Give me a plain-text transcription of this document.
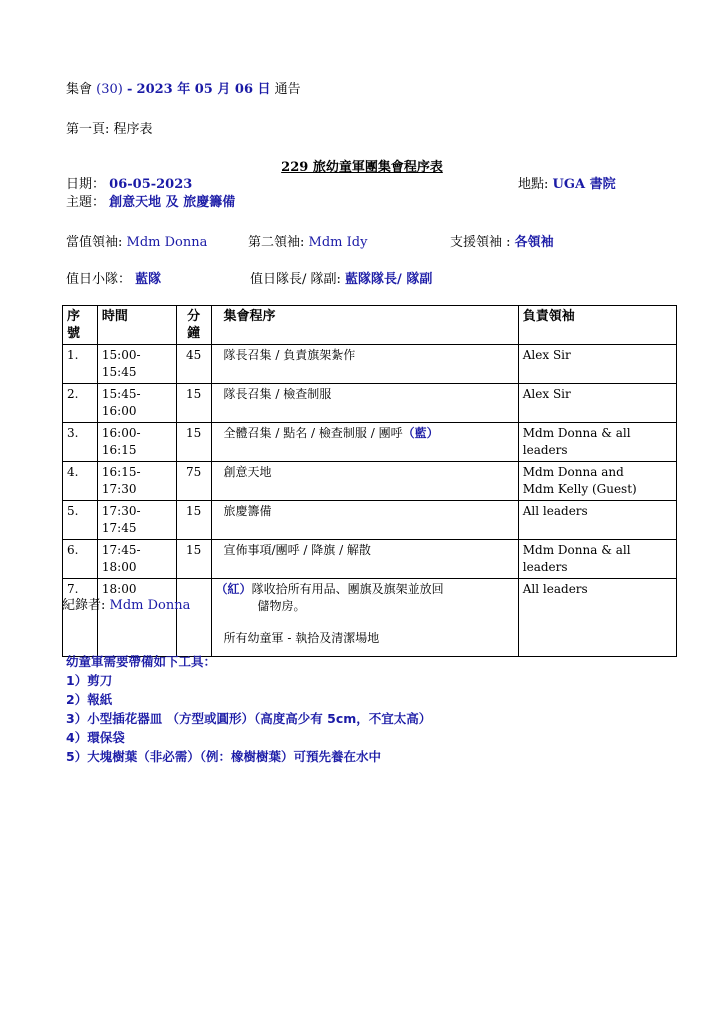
集會 (30) - 2023 年 05 月 06 日 通告
第一頁: 程序表
229 旅幼童軍團集會程序表
日期： 06-05-2023	地點: UGA 書院
主題： 創意天地 及 旅慶籌備
當值領袖: Mdm Donna	第二領袖: Mdm Idy	支援領袖 : 各領袖
值日小隊： 藍隊	值日隊長/ 隊副: 藍隊隊長/ 隊副
序號	時間	分鐘	集會程序	負責領袖
1.	15:00-15:45	45	隊長召集 / 負責旗架紮作	Alex Sir
2.	15:45-16:00	15	隊長召集 / 檢查制服	Alex Sir
3.	16:00-16:15	15	全體召集 / 點名 / 檢查制服 / 團呼（藍）	Mdm Donna & all leaders
4.	16:15-17:30	75	創意天地	Mdm Donna and
Mdm Kelly (Guest)

5.	17:30-17:45	15	旅慶籌備	All leaders
6.	17:45-18:00	15	宣佈事項/團呼 / 降旗 / 解散	Mdm Donna & all leaders
7.	18:00		（紅）隊收拾所有用品、團旗及旗架並放回
儲物房。
所有幼童軍 - 執拾及清潔場地	All leaders
紀錄者: Mdm Donna
幼童軍需要帶備如下工具：
1）剪刀
2）報紙
3）小型插花器皿 （方型或圓形）（高度高少有 5cm，不宜太高）
4）環保袋
5）大塊樹葉（非必需）（例：橡樹樹葉）可預先養在水中
